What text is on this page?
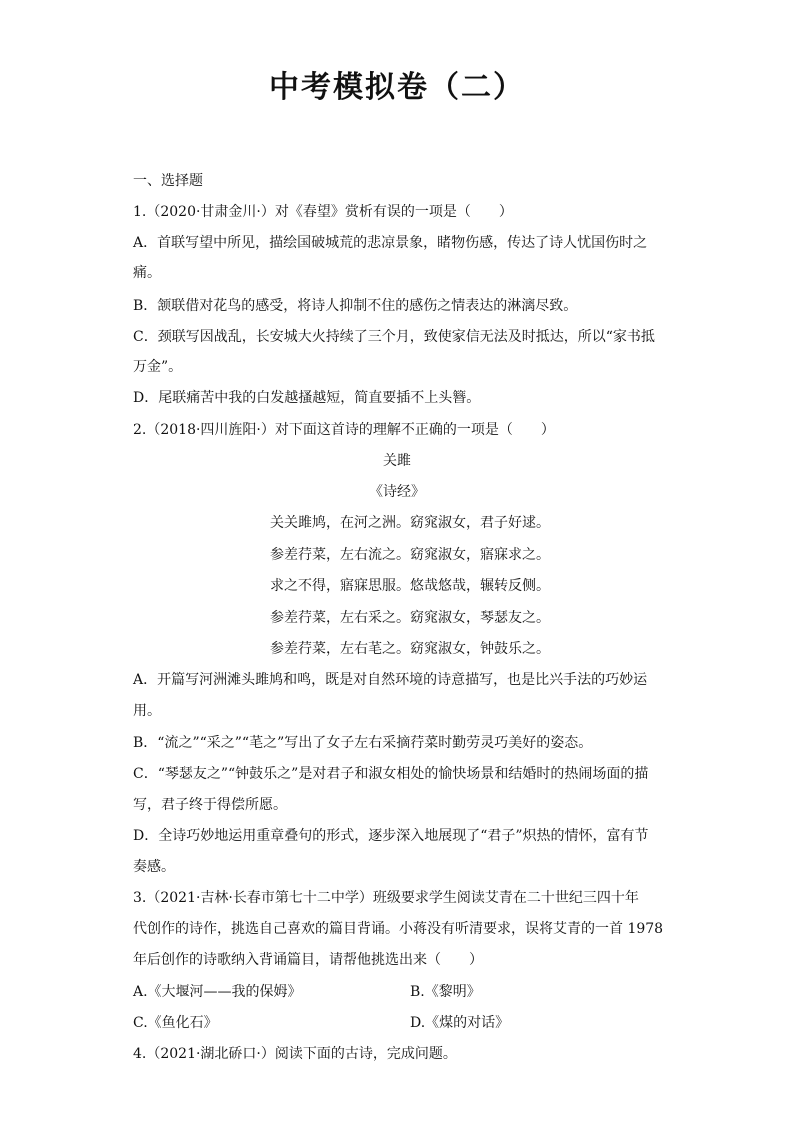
中考模拟卷（二）
一、选择题
1.（2020·甘肃金川·）对《春望》赏析有误的一项是（　　）
A．首联写望中所见，描绘国破城荒的悲凉景象，睹物伤感，传达了诗人忧国伤时之
痛。
B．颔联借对花鸟的感受，将诗人抑制不住的感伤之情表达的淋漓尽致。
C．颈联写因战乱，长安城大火持续了三个月，致使家信无法及时抵达，所以“家书抵
万金”。
D．尾联痛苦中我的白发越搔越短，简直要插不上头簪。
2.（2018·四川旌阳·）对下面这首诗的理解不正确的一项是（　　）
关雎
《诗经》
关关雎鸠，在河之洲。窈窕淑女，君子好逑。
参差荇菜，左右流之。窈窕淑女，寤寐求之。
求之不得，寤寐思服。悠哉悠哉，辗转反侧。
参差荇菜，左右采之。窈窕淑女，琴瑟友之。
参差荇菜，左右芼之。窈窕淑女，钟鼓乐之。
A．开篇写河洲滩头雎鸠和鸣，既是对自然环境的诗意描写，也是比兴手法的巧妙运
用。
B．“流之”“采之”“芼之”写出了女子左右采摘荇菜时勤劳灵巧美好的姿态。
C．“琴瑟友之”“钟鼓乐之”是对君子和淑女相处的愉快场景和结婚时的热闹场面的描
写，君子终于得偿所愿。
D．全诗巧妙地运用重章叠句的形式，逐步深入地展现了“君子”炽热的情怀，富有节
奏感。
3.（2021·吉林·长春市第七十二中学）班级要求学生阅读艾青在二十世纪三四十年
代创作的诗作，挑选自己喜欢的篇目背诵。小蒋没有听清要求，误将艾青的一首 1978
年后创作的诗歌纳入背诵篇目，请帮他挑选出来（　　）
A.《大堰河——我的保姆》	B.《黎明》
C.《鱼化石》	D.《煤的对话》
4.（2021·湖北硚口·）阅读下面的古诗，完成问题。
